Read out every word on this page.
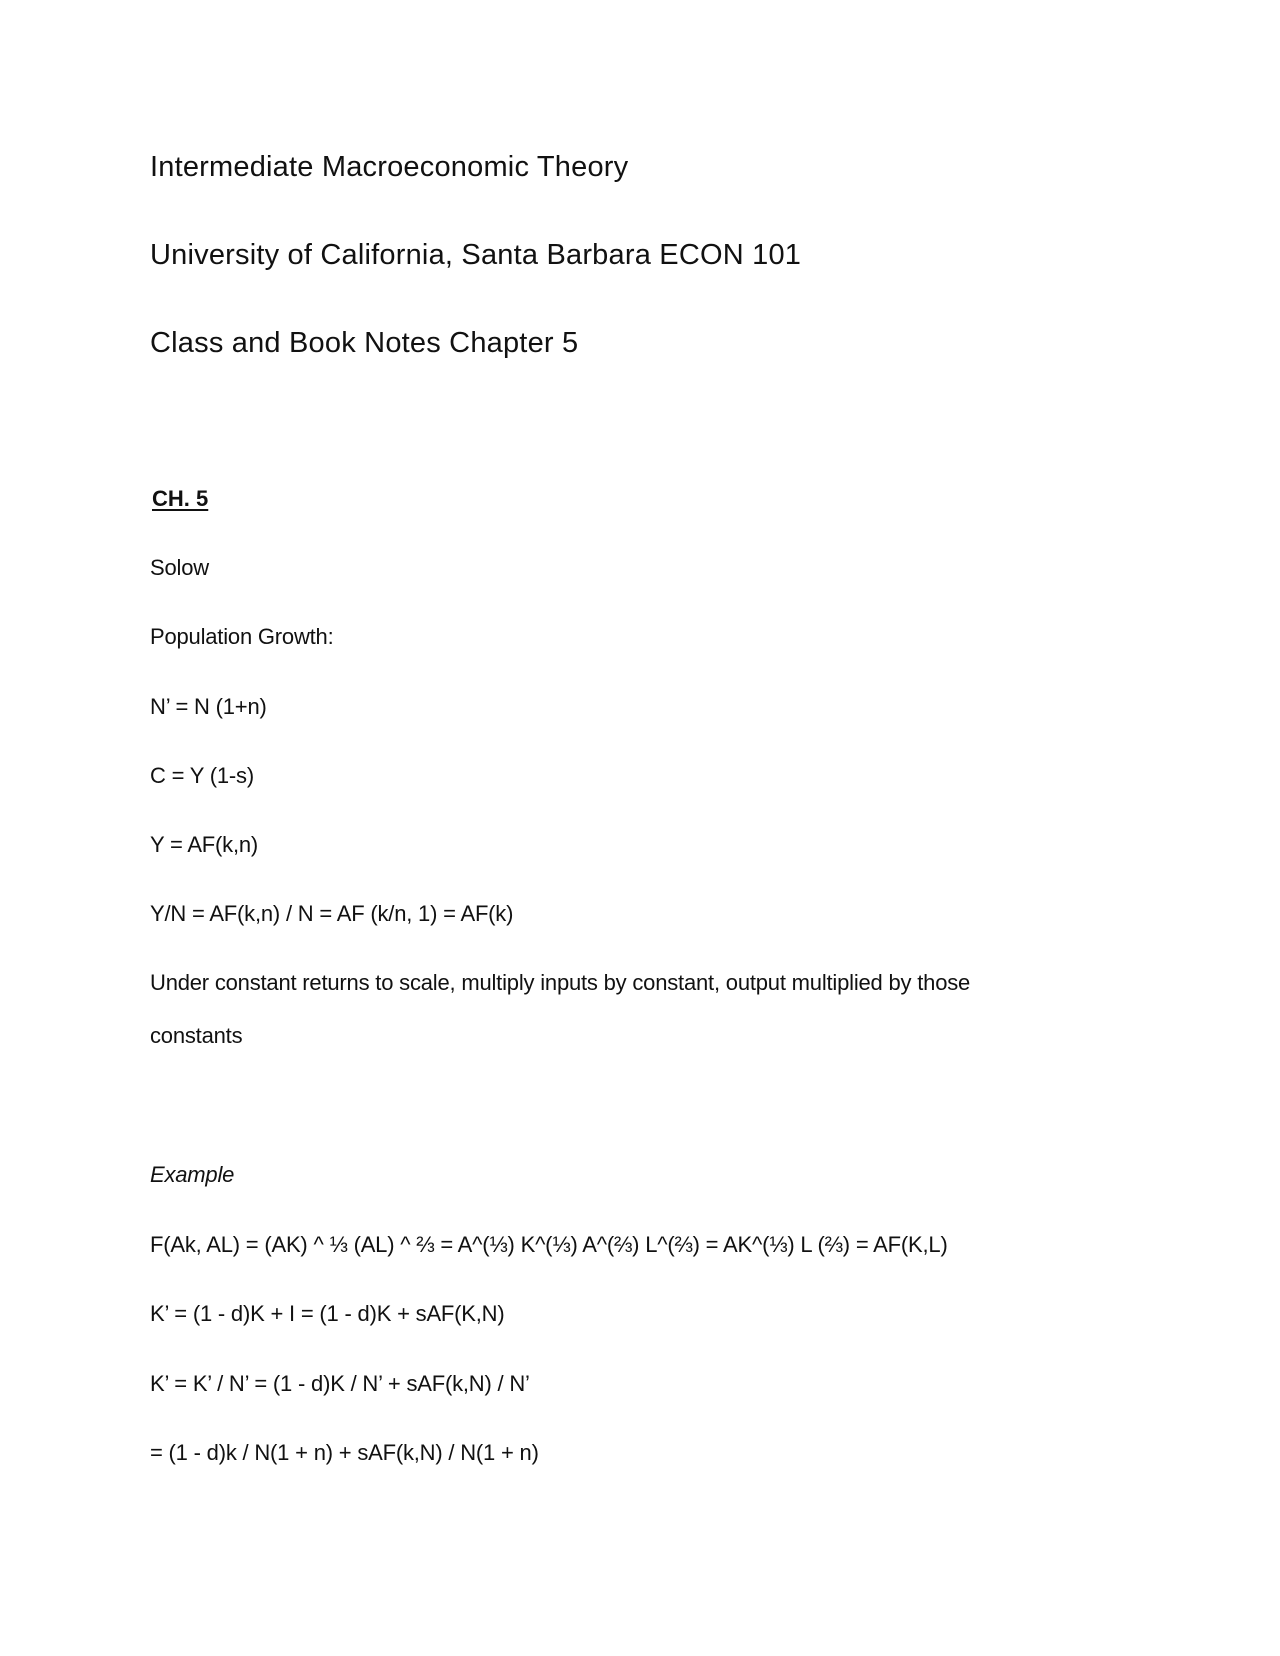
Intermediate Macroeconomic Theory
University of California, Santa Barbara ECON 101
Class and Book Notes Chapter 5
CH. 5
Solow
Population Growth:
N’ = N (1+n)
C = Y (1-s)
Y = AF(k,n)
Y/N = AF(k,n) / N = AF (k/n, 1) = AF(k)
Under constant returns to scale, multiply inputs by constant, output multiplied by those
constants
Example
F(Ak, AL) = (AK) ^ ⅓ (AL) ^ ⅔ = A^(⅓) K^(⅓) A^(⅔) L^(⅔) = AK^(⅓) L (⅔) = AF(K,L)
K’ = (1 - d)K + I = (1 - d)K + sAF(K,N)
K’ = K’ / N’ = (1 - d)K / N’ + sAF(k,N) / N’
= (1 - d)k / N(1 + n) + sAF(k,N) / N(1 + n)
